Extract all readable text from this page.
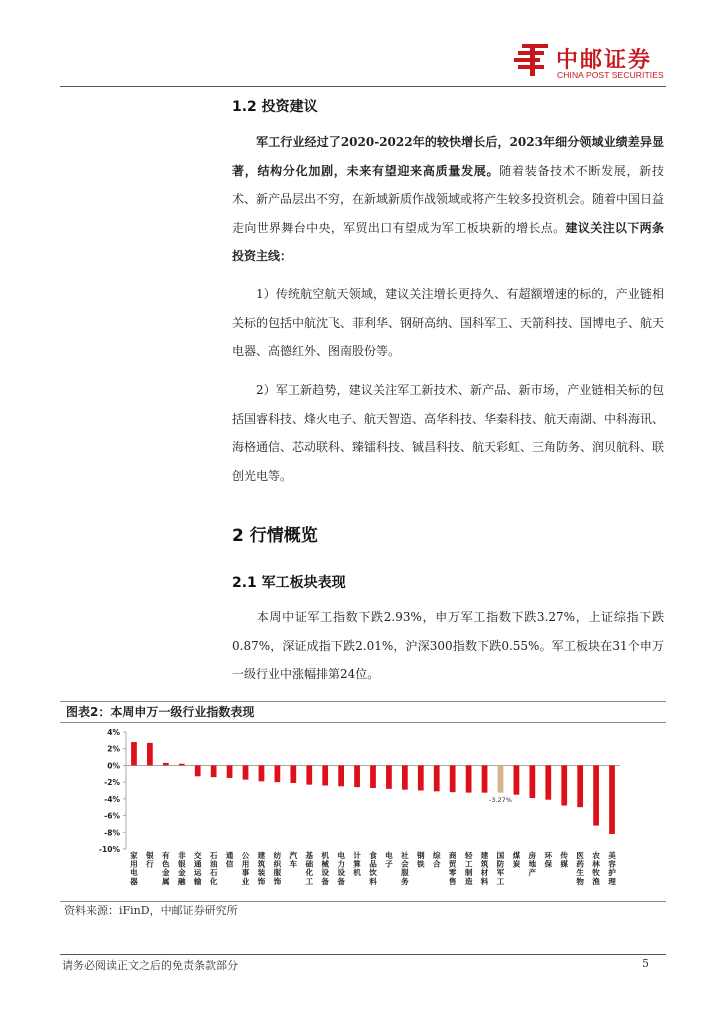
中邮证券
CHINA POST SECURITIES
1.2 投资建议
军工行业经过了2020-2022年的较快增长后，2023年细分领域业绩差异显著，结构分化加剧，未来有望迎来高质量发展。随着装备技术不断发展，新技术、新产品层出不穷，在新域新质作战领域或将产生较多投资机会。随着中国日益走向世界舞台中央，军贸出口有望成为军工板块新的增长点。建议关注以下两条投资主线：
1）传统航空航天领域，建议关注增长更持久、有超额增速的标的，产业链相关标的包括中航沈飞、菲利华、钢研高纳、国科军工、天箭科技、国博电子、航天电器、高德红外、图南股份等。
2）军工新趋势，建议关注军工新技术、新产品、新市场，产业链相关标的包括国睿科技、烽火电子、航天智造、高华科技、华秦科技、航天南湖、中科海讯、海格通信、芯动联科、臻镭科技、铖昌科技、航天彩虹、三角防务、润贝航科、联创光电等。
2 行情概览
2.1 军工板块表现
本周中证军工指数下跌2.93%，申万军工指数下跌3.27%，上证综指下跌0.87%，深证成指下跌2.01%，沪深300指数下跌0.55%。军工板块在31个申万一级行业中涨幅排第24位。
图表2：本周申万一级行业指数表现
4%
2%
0%
-2%
-4%
-6%
-8%
-10%
家
用
电
器
银
行
有
色
金
属
非
银
金
融
交
通
运
输
石
油
石
化
通
信
公
用
事
业
建
筑
装
饰
纺
织
服
饰
汽
车
基
础
化
工
机
械
设
备
电
力
设
备
计
算
机
食
品
饮
料
电
子
社
会
服
务
钢
铁
综
合
商
贸
零
售
轻
工
制
造
建
筑
材
料
-3.27%
国
防
军
工
煤
炭
房
地
产
环
保
传
媒
医
药
生
物
农
林
牧
渔
美
容
护
理
资料来源：iFinD，中邮证券研究所
请务必阅读正文之后的免责条款部分	5
